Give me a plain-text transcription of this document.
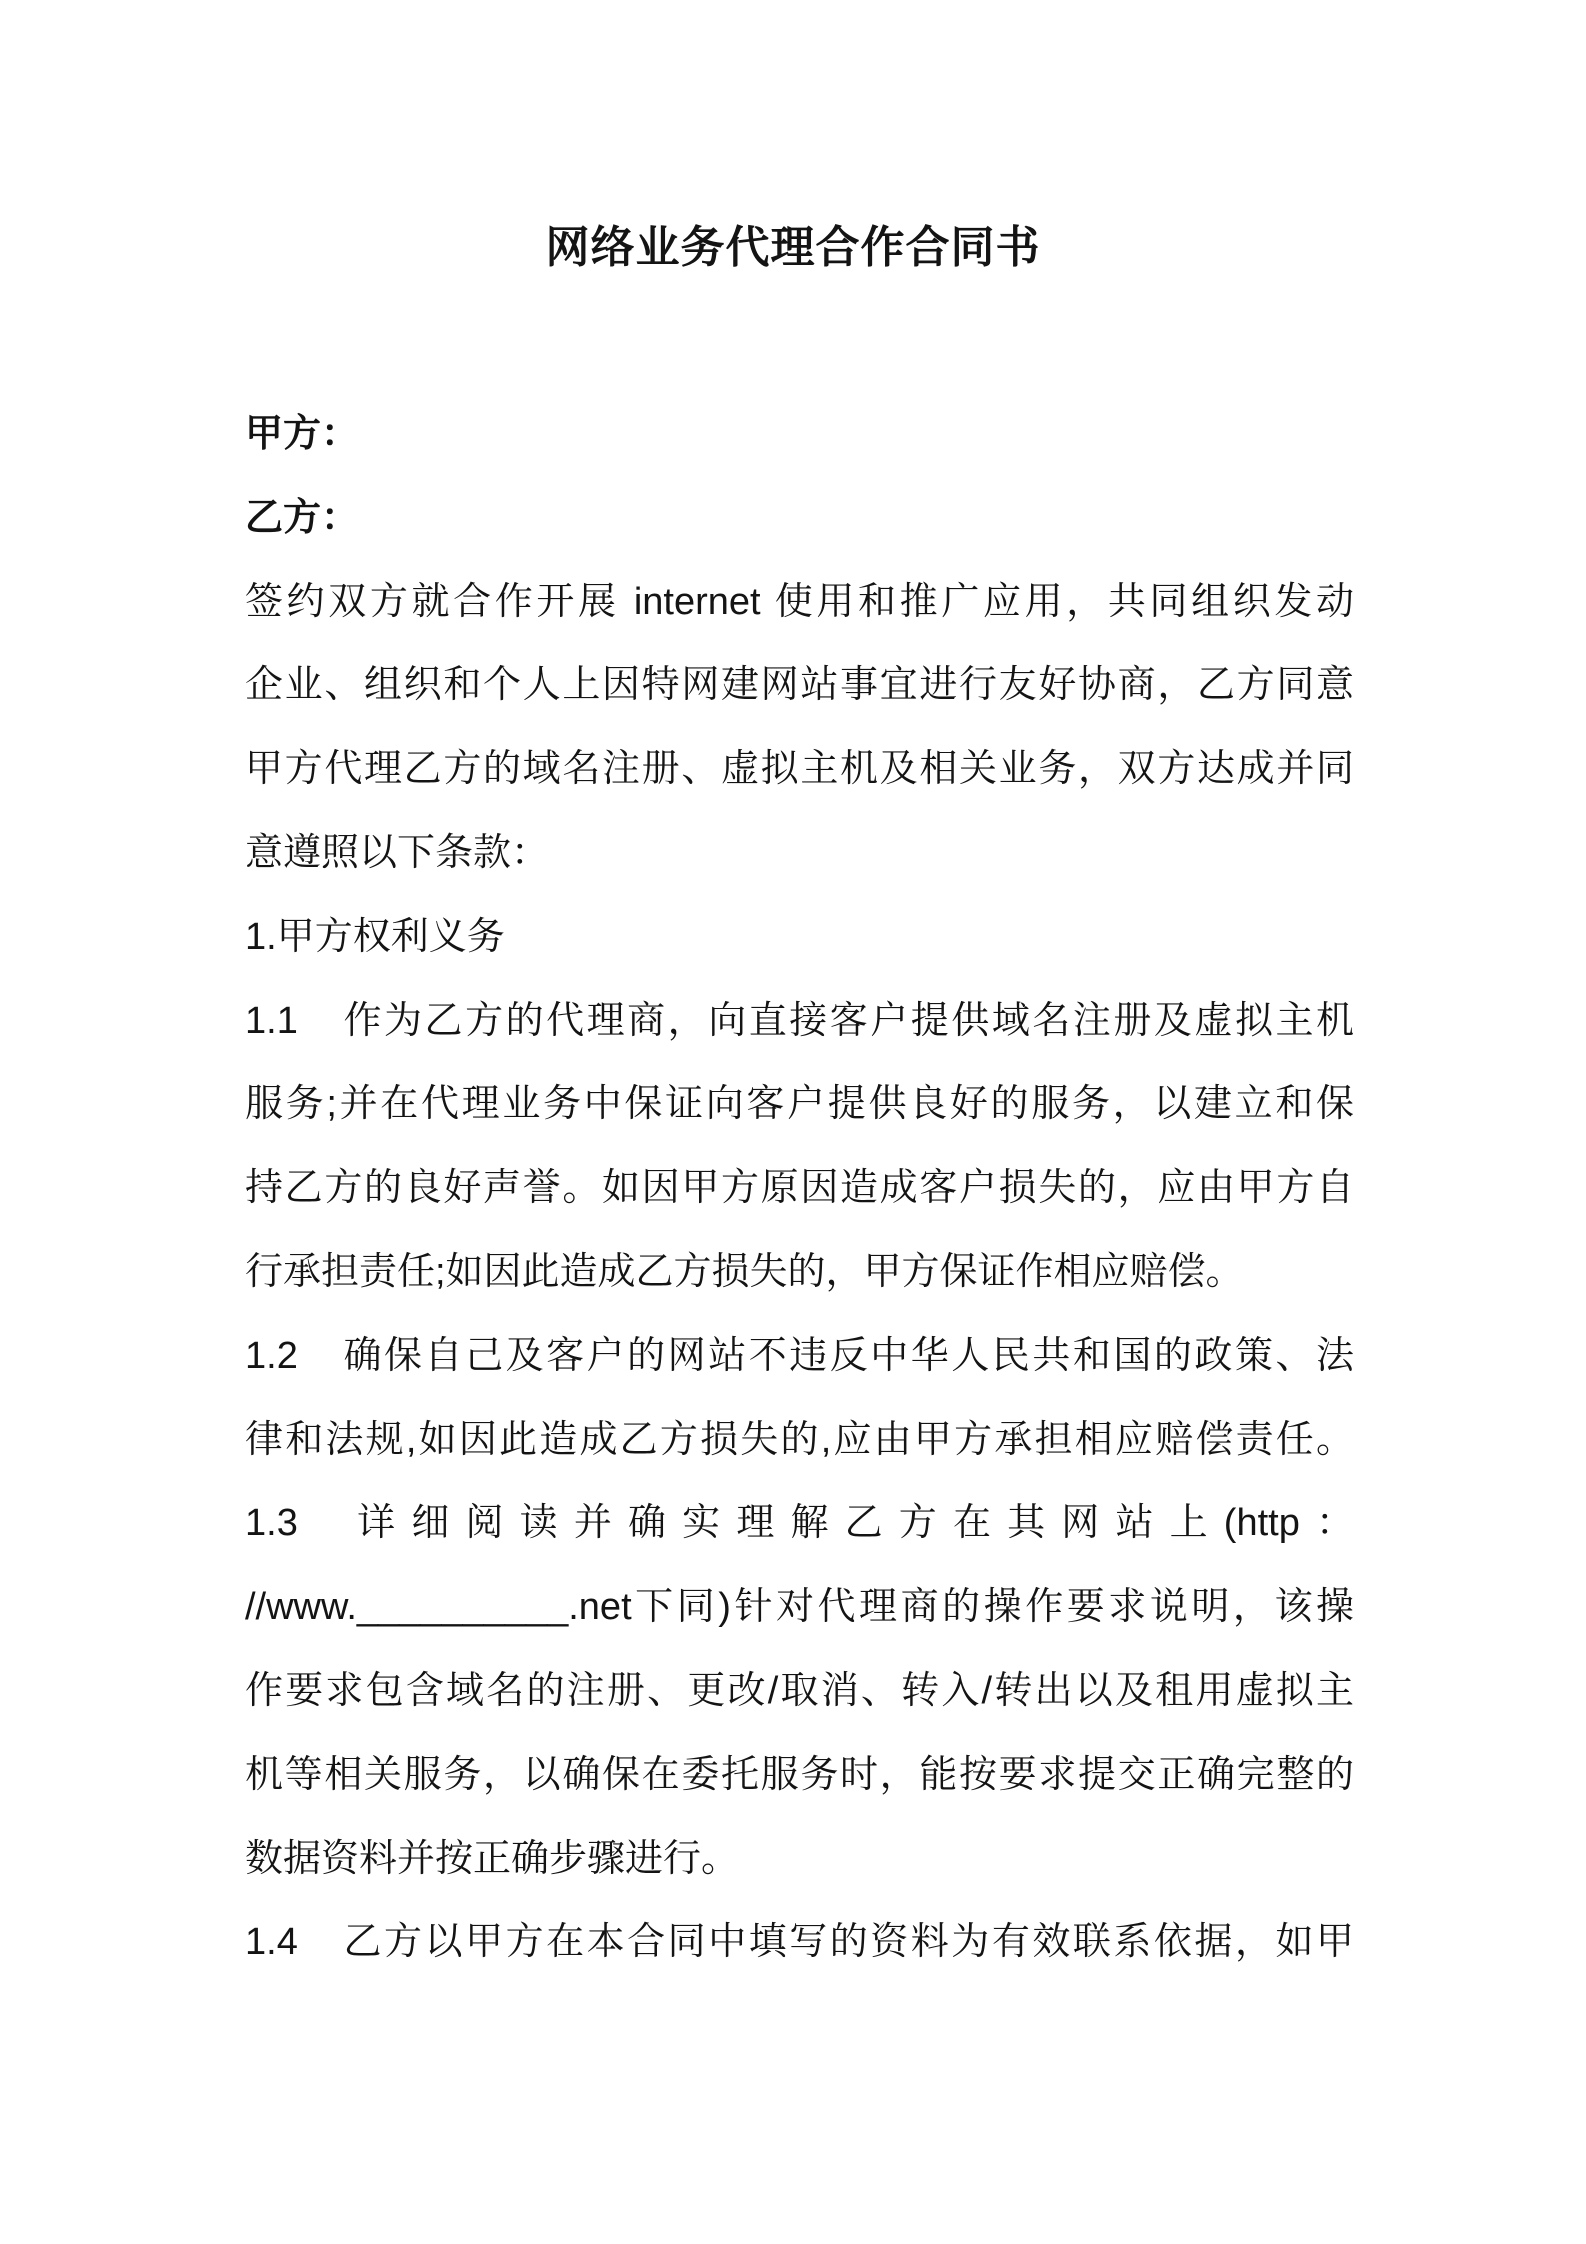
网络业务代理合作合同书
甲方：
乙方：
签约双方就合作开展 internet 使用和推广应用，共同组织发动
企业、组织和个人上因特网建网站事宜进行友好协商，乙方同意
甲方代理乙方的域名注册、虚拟主机及相关业务，双方达成并同
意遵照以下条款：
1.甲方权利义务
1.1 作为乙方的代理商，向直接客户提供域名注册及虚拟主机
服务;并在代理业务中保证向客户提供良好的服务，以建立和保
持乙方的良好声誉。如因甲方原因造成客户损失的，应由甲方自
行承担责任;如因此造成乙方损失的，甲方保证作相应赔偿。
1.2 确保自己及客户的网站不违反中华人民共和国的政策、法
律和法规,如因此造成乙方损失的,应由甲方承担相应赔偿责任。
1.3 详细阅读并确实理解乙方在其网站上(http：
//www.__________.net下同)针对代理商的操作要求说明，该操
作要求包含域名的注册、更改/取消、转入/转出以及租用虚拟主
机等相关服务，以确保在委托服务时，能按要求提交正确完整的
数据资料并按正确步骤进行。
1.4 乙方以甲方在本合同中填写的资料为有效联系依据，如甲
